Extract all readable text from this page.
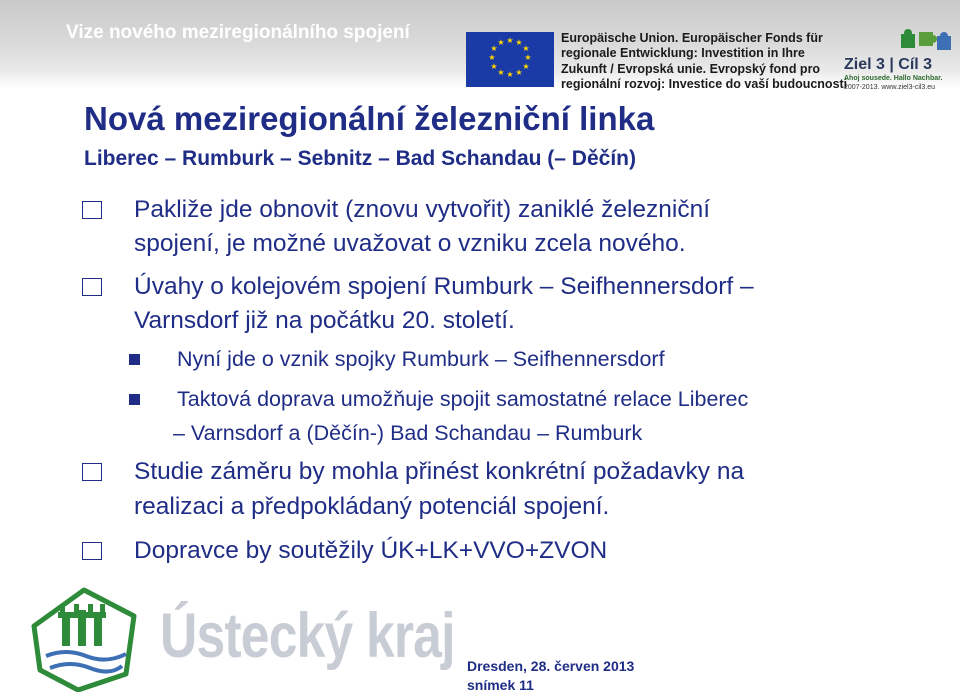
Vize nového meziregionálního spojení	★ ★
★
★
★
★
★
★
★
★
★
★	Europäische Union. Europäischer Fonds für
regionale Entwicklung: Investition in Ihre
Zukunft / Evropská unie. Evropský fond pro
regionální rozvoj: Investice do vaší budoucnosti
Ziel 3 | Cíl 3
Ahoj sousede. Hallo Nachbar.
2007-2013. www.ziel3-cil3.eu
Nová meziregionální železniční linka
Liberec – Rumburk – Sebnitz – Bad Schandau (– Děčín)
Pakliže jde obnovit (znovu vytvořit) zaniklé železniční
spojení, je možné uvažovat o vzniku zcela nového.
Úvahy o kolejovém spojení Rumburk – Seifhennersdorf –
Varnsdorf již na počátku 20. století.
Nyní jde o vznik spojky Rumburk – Seifhennersdorf
Taktová doprava umožňuje spojit samostatné relace Liberec
– Varnsdorf a (Děčín-) Bad Schandau – Rumburk
Studie záměru by mohla přinést konkrétní požadavky na
realizaci a předpokládaný potenciál spojení.
Dopravce by soutěžily ÚK+LK+VVO+ZVON
Ústecký kraj Dresden, 28. červen 2013
snímek 11
